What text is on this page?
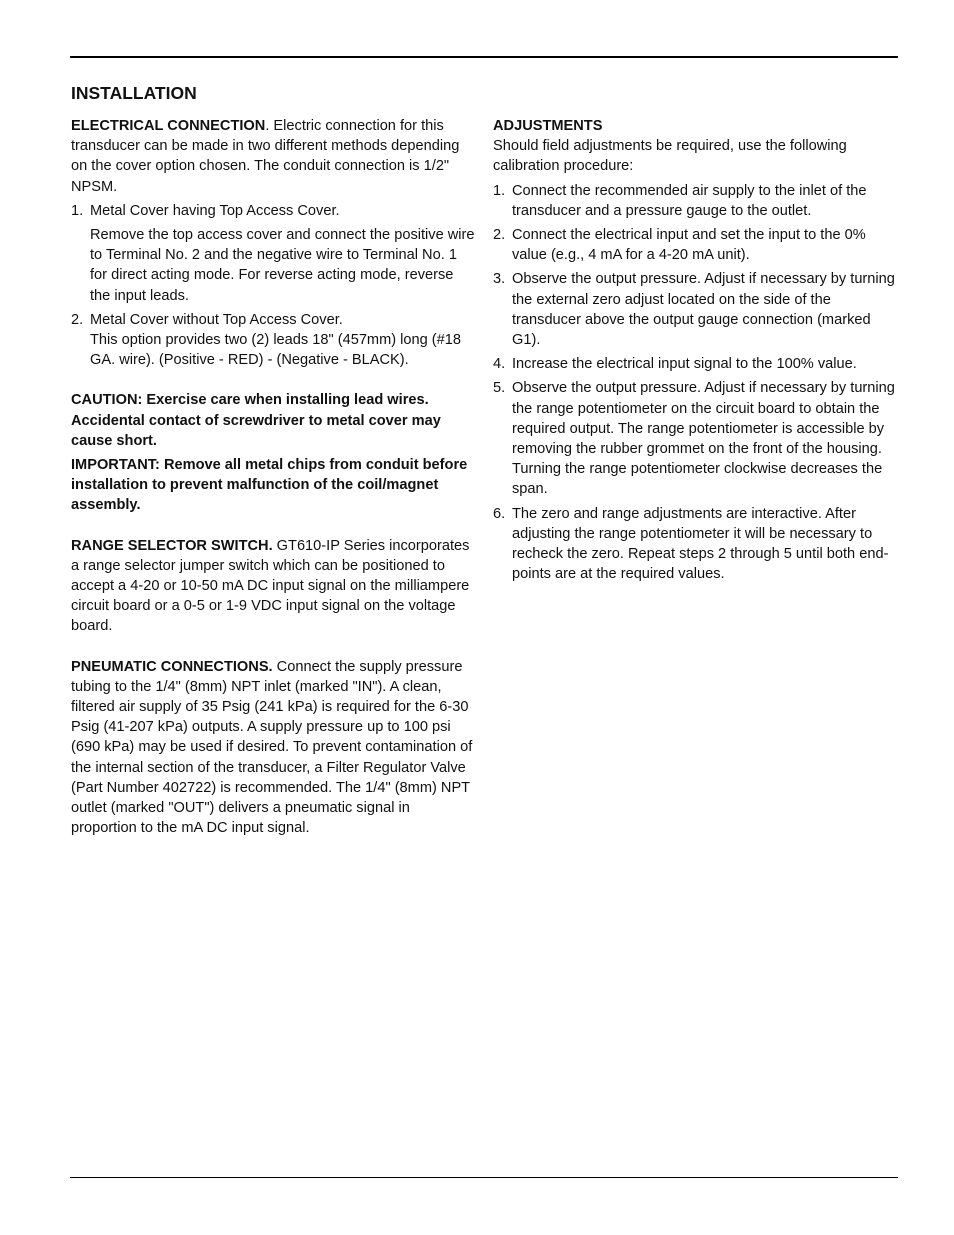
INSTALLATION

ELECTRICAL CONNECTION. Electric connection for this transducer can be made in two different methods depending on the cover option chosen. The conduit connection is 1/2" NPSM.

1. Metal Cover having Top Access Cover.
Remove the top access cover and connect the positive wire to Terminal No. 2 and the negative wire to Terminal No. 1 for direct acting mode. For reverse acting mode, reverse the input leads.
2. Metal Cover without Top Access Cover.
This option provides two (2) leads 18" (457mm) long (#18 GA. wire). (Positive - RED) - (Negative - BLACK).

CAUTION: Exercise care when installing lead wires. Accidental contact of screwdriver to metal cover may cause short.

IMPORTANT: Remove all metal chips from conduit before installation to prevent malfunction of the coil/magnet assembly.

RANGE SELECTOR SWITCH. GT610-IP Series incorporates a range selector jumper switch which can be positioned to accept a 4-20 or 10-50 mA DC input signal on the milliampere circuit board or a 0-5 or 1-9 VDC input signal on the voltage board.

PNEUMATIC CONNECTIONS. Connect the supply pressure tubing to the 1/4" (8mm) NPT inlet (marked "IN"). A clean, filtered air supply of 35 Psig (241 kPa) is required for the 6-30 Psig (41-207 kPa) outputs. A supply pressure up to 100 psi (690 kPa) may be used if desired. To prevent contamination of the internal section of the transducer, a Filter Regulator Valve (Part Number 402722) is recommended. The 1/4" (8mm) NPT outlet (marked "OUT") delivers a pneumatic signal in proportion to the mA DC input signal.

ADJUSTMENTS

Should field adjustments be required, use the following calibration procedure:

1. Connect the recommended air supply to the inlet of the transducer and a pressure gauge to the outlet.
2. Connect the electrical input and set the input to the 0% value (e.g., 4 mA for a 4-20 mA unit).
3. Observe the output pressure. Adjust if necessary by turning the external zero adjust located on the side of the transducer above the output gauge connection (marked G1).
4. Increase the electrical input signal to the 100% value.
5. Observe the output pressure. Adjust if necessary by turning the range potentiometer on the circuit board to obtain the required output. The range potentiometer is accessible by removing the rubber grommet on the front of the housing. Turning the range potentiometer clockwise decreases the span.
6. The zero and range adjustments are interactive. After adjusting the range potentiometer it will be necessary to recheck the zero. Repeat steps 2 through 5 until both end-points are at the required values.
